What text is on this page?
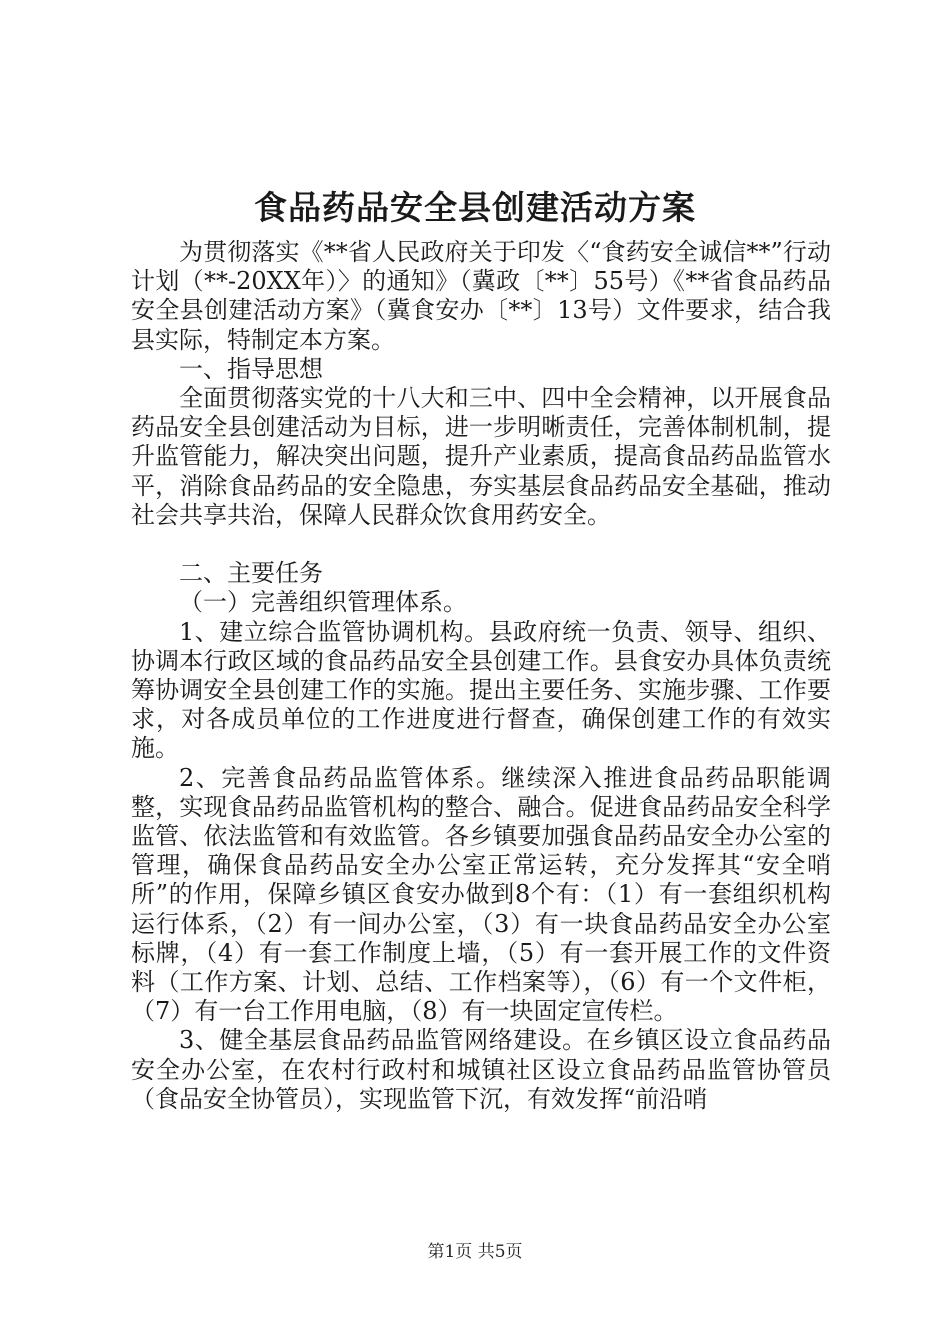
食品药品安全县创建活动方案

为贯彻落实《**省人民政府关于印发〈“食药安全诚信**”行动计划（**-20XX年）〉的通知》（冀政〔**〕55号）《**省食品药品安全县创建活动方案》（冀食安办〔**〕13号）文件要求，结合我县实际，特制定本方案。

一、指导思想

全面贯彻落实党的十八大和三中、四中全会精神，以开展食品药品安全县创建活动为目标，进一步明晰责任，完善体制机制，提升监管能力，解决突出问题，提升产业素质，提高食品药品监管水平，消除食品药品的安全隐患，夯实基层食品药品安全基础，推动社会共享共治，保障人民群众饮食用药安全。

二、主要任务

（一）完善组织管理体系。

1、建立综合监管协调机构。县政府统一负责、领导、组织、协调本行政区域的食品药品安全县创建工作。县食安办具体负责统筹协调安全县创建工作的实施。提出主要任务、实施步骤、工作要求，对各成员单位的工作进度进行督查，确保创建工作的有效实施。

2、完善食品药品监管体系。继续深入推进食品药品职能调整，实现食品药品监管机构的整合、融合。促进食品药品安全科学监管、依法监管和有效监管。各乡镇要加强食品药品安全办公室的管理，确保食品药品安全办公室正常运转，充分发挥其“安全哨所”的作用，保障乡镇区食安办做到8个有：（1）有一套组织机构运行体系，（2）有一间办公室，（3）有一块食品药品安全办公室标牌，（4）有一套工作制度上墙，（5）有一套开展工作的文件资料（工作方案、计划、总结、工作档案等），（6）有一个文件柜，（7）有一台工作用电脑，（8）有一块固定宣传栏。

3、健全基层食品药品监管网络建设。在乡镇区设立食品药品安全办公室，在农村行政村和城镇社区设立食品药品监管协管员（食品安全协管员），实现监管下沉，有效发挥“前沿哨

第1页 共5页
